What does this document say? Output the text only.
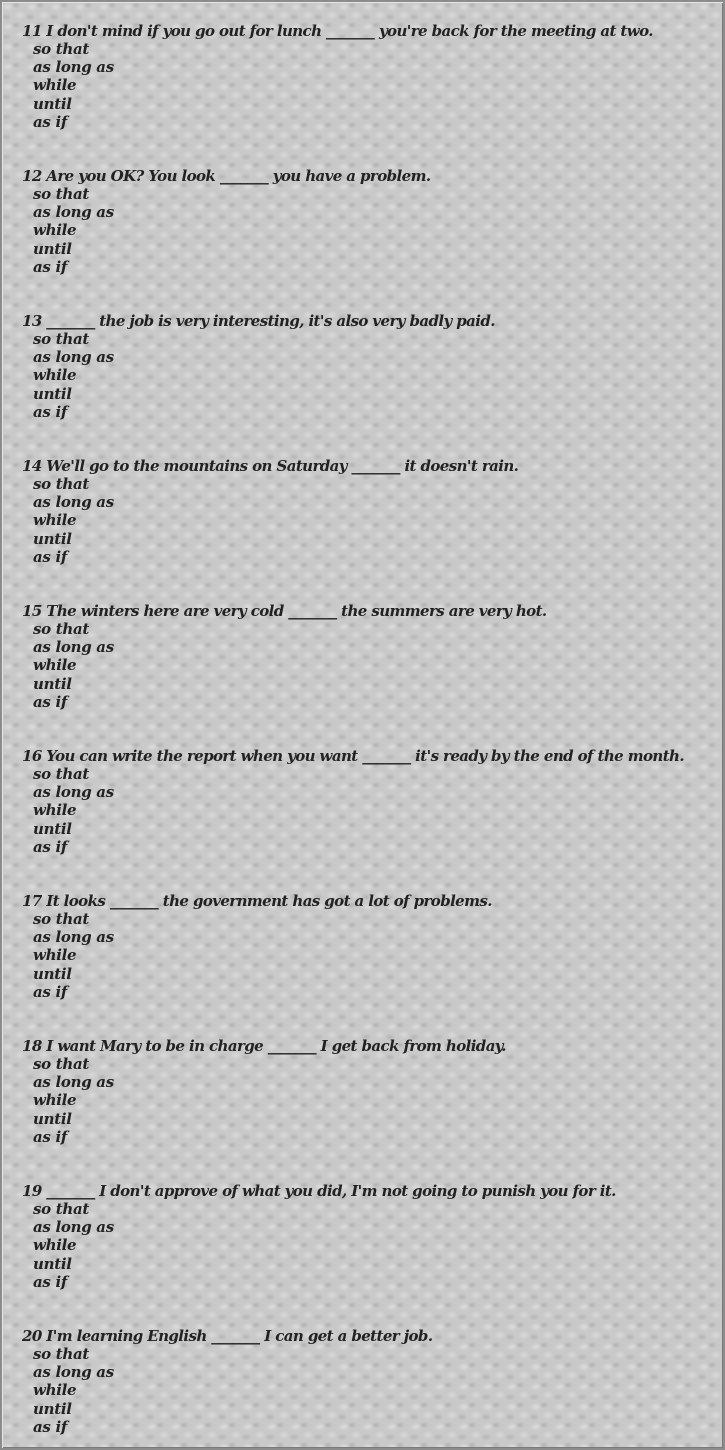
11 I don't mind if you go out for lunch _______ you're back for the meeting at two.

so that
as long as
while
until
as if

12 Are you OK? You look _______ you have a problem.

so that
as long as
while
until
as if

13 _______ the job is very interesting, it's also very badly paid.

so that
as long as
while
until
as if

14 We'll go to the mountains on Saturday _______ it doesn't rain.

so that
as long as
while
until
as if

15 The winters here are very cold _______ the summers are very hot.

so that
as long as
while
until
as if

16 You can write the report when you want _______ it's ready by the end of the month.

so that
as long as
while
until
as if

17 It looks _______ the government has got a lot of problems.

so that
as long as
while
until
as if

18 I want Mary to be in charge _______ I get back from holiday.

so that
as long as
while
until
as if

19 _______ I don't approve of what you did, I'm not going to punish you for it.

so that
as long as
while
until
as if

20 I'm learning English _______ I can get a better job.

so that
as long as
while
until
as if
